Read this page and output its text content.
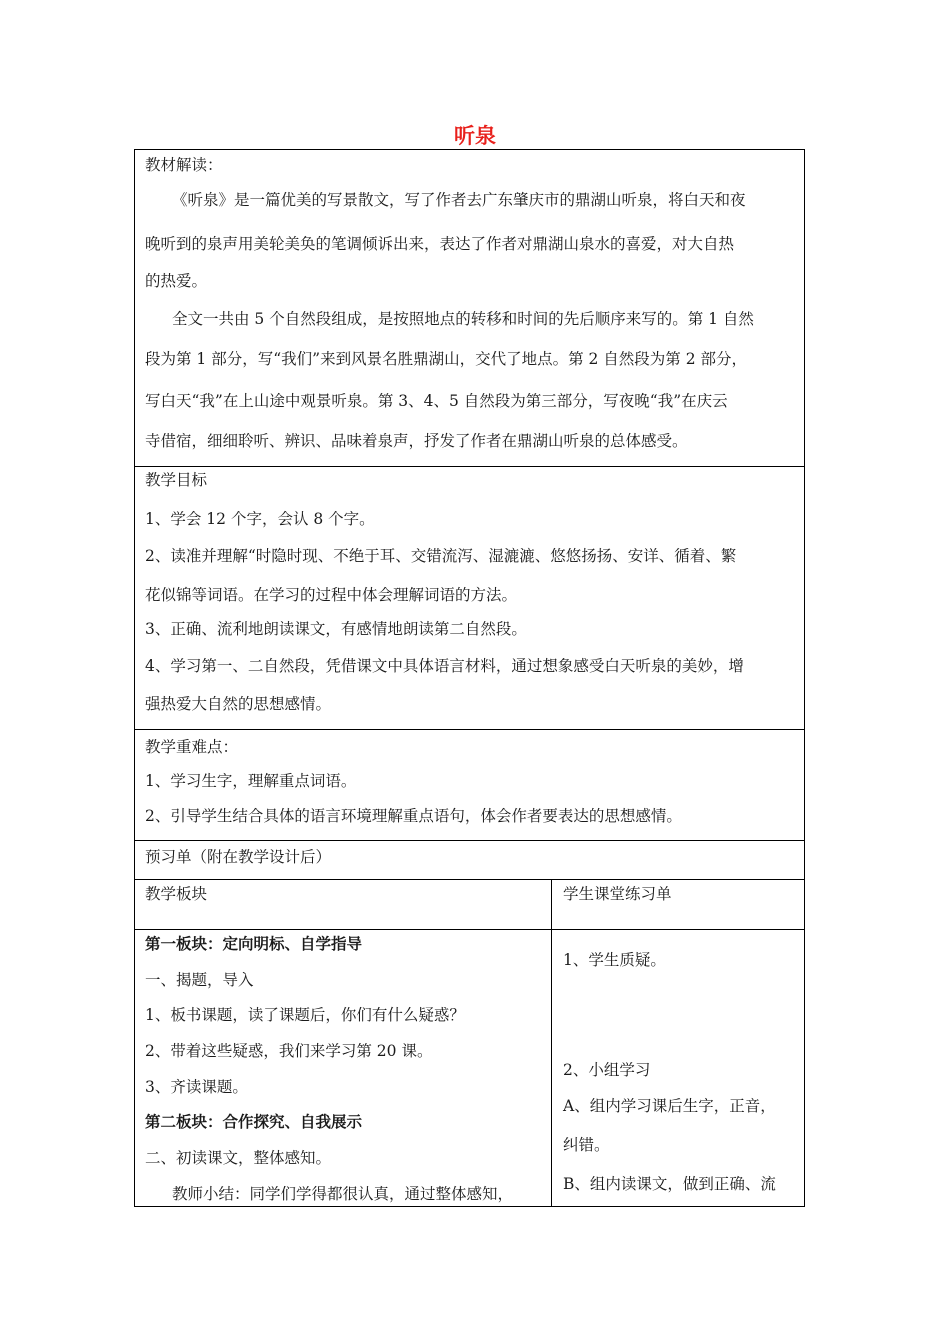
听泉
教材解读：
《听泉》是一篇优美的写景散文，写了作者去广东肇庆市的鼎湖山听泉，将白天和夜
晚听到的泉声用美轮美奂的笔调倾诉出来，表达了作者对鼎湖山泉水的喜爱，对大自热
的热爱。
全文一共由 5 个自然段组成，是按照地点的转移和时间的先后顺序来写的。第 1 自然
段为第 1 部分，写“我们”来到风景名胜鼎湖山，交代了地点。第 2 自然段为第 2 部分，
写白天“我”在上山途中观景听泉。第 3、4、5 自然段为第三部分，写夜晚“我”在庆云
寺借宿，细细聆听、辨识、品味着泉声，抒发了作者在鼎湖山听泉的总体感受。
教学目标
1、学会 12 个字，会认 8 个字。
2、读准并理解“时隐时现、不绝于耳、交错流泻、湿漉漉、悠悠扬扬、安详、循着、繁
花似锦等词语。在学习的过程中体会理解词语的方法。
3、正确、流利地朗读课文，有感情地朗读第二自然段。
4、学习第一、二自然段，凭借课文中具体语言材料，通过想象感受白天听泉的美妙，增
强热爱大自然的思想感情。
教学重难点：
1、学习生字，理解重点词语。
2、引导学生结合具体的语言环境理解重点语句，体会作者要表达的思想感情。
预习单（附在教学设计后）
教学板块	学生课堂练习单
第一板块：定向明标、自学指导
一、揭题，导入
1、板书课题，读了课题后，你们有什么疑惑？
2、带着这些疑惑，我们来学习第 20 课。
3、齐读课题。
第二板块：合作探究、自我展示
二、初读课文，整体感知。
教师小结：同学们学得都很认真，通过整体感知，
1、学生质疑。
2、小组学习
A、组内学习课后生字，正音，
纠错。
B、组内读课文，做到正确、流
